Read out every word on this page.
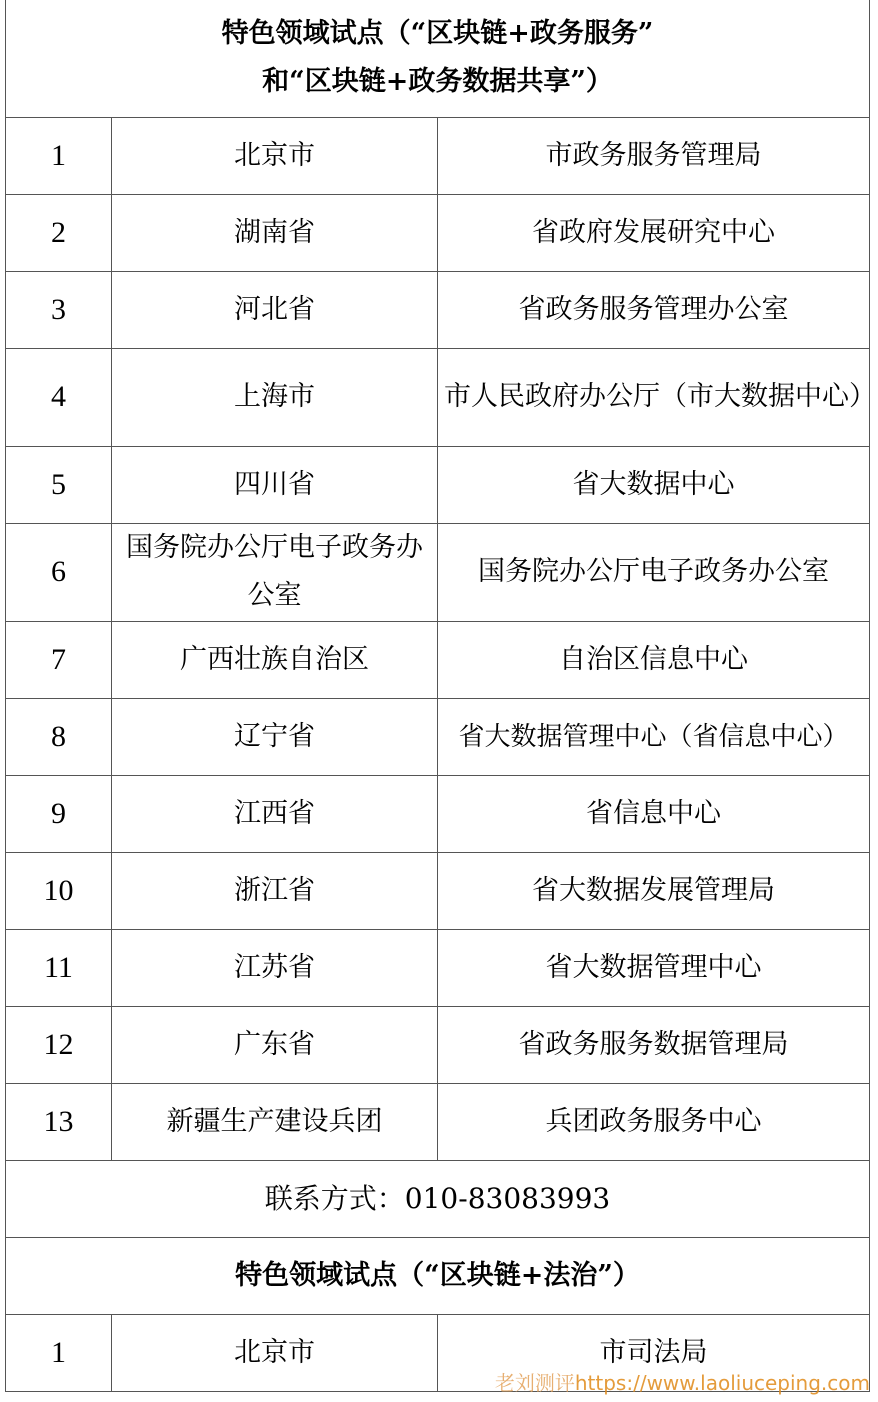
特色领域试点（“区块链+政务服务”
和“区块链+政务数据共享”）		
1	北京市	市政务服务管理局
2	湖南省	省政府发展研究中心
3	河北省	省政务服务管理办公室
4	上海市	市人民政府办公厅（市大数据中心）
5	四川省	省大数据中心
6	国务院办公厅电子政务办公室	国务院办公厅电子政务办公室
7	广西壮族自治区	自治区信息中心
8	辽宁省	省大数据管理中心（省信息中心）
9	江西省	省信息中心
10	浙江省	省大数据发展管理局
11	江苏省	省大数据管理中心
12	广东省	省政务服务数据管理局
13	新疆生产建设兵团	兵团政务服务中心
联系方式：010-83083993		
特色领域试点（“区块链+法治”）		
1	北京市	市司法局
老刘测评https://www.laoliuceping.com
